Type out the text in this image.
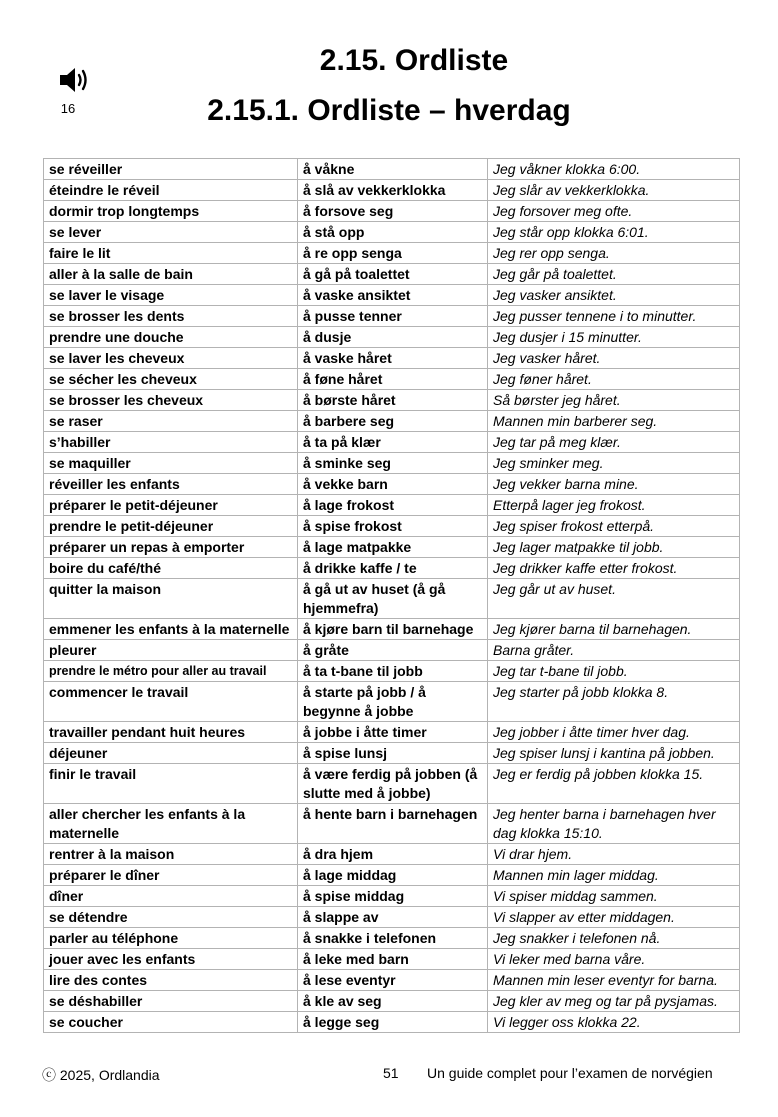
16
2.15. Ordliste
2.15.1. Ordliste – hverdag
se réveiller	å våkne	Jeg våkner klokka 6:00.
éteindre le réveil	å slå av vekkerklokka	Jeg slår av vekkerklokka.
dormir trop longtemps	å forsove seg	Jeg forsover meg ofte.
se lever	å stå opp	Jeg står opp klokka 6:01.
faire le lit	å re opp senga	Jeg rer opp senga.
aller à la salle de bain	å gå på toalettet	Jeg går på toalettet.
se laver le visage	å vaske ansiktet	Jeg vasker ansiktet.
se brosser les dents	å pusse tenner	Jeg pusser tennene i to minutter.
prendre une douche	å dusje	Jeg dusjer i 15 minutter.
se laver les cheveux	å vaske håret	Jeg vasker håret.
se sécher les cheveux	å føne håret	Jeg føner håret.
se brosser les cheveux	å børste håret	Så børster jeg håret.
se raser	å barbere seg	Mannen min barberer seg.
s’habiller	å ta på klær	Jeg tar på meg klær.
se maquiller	å sminke seg	Jeg sminker meg.
réveiller les enfants	å vekke barn	Jeg vekker barna mine.
préparer le petit-déjeuner	å lage frokost	Etterpå lager jeg frokost.
prendre le petit-déjeuner	å spise frokost	Jeg spiser frokost etterpå.
préparer un repas à emporter	å lage matpakke	Jeg lager matpakke til jobb.
boire du café/thé	å drikke kaffe / te	Jeg drikker kaffe etter frokost.
quitter la maison	å gå ut av huset (å gå hjemmefra)	Jeg går ut av huset.
emmener les enfants à la maternelle	å kjøre barn til barnehage	Jeg kjører barna til barnehagen.
pleurer	å gråte	Barna gråter.
prendre le métro pour aller au travail	å ta t-bane til jobb	Jeg tar t-bane til jobb.
commencer le travail	å starte på jobb / å begynne å jobbe	Jeg starter på jobb klokka 8.
travailler pendant huit heures	å jobbe i åtte timer	Jeg jobber i åtte timer hver dag.
déjeuner	å spise lunsj	Jeg spiser lunsj i kantina på jobben.
finir le travail	å være ferdig på jobben (å slutte med å jobbe)	Jeg er ferdig på jobben klokka 15.
aller chercher les enfants à la maternelle	å hente barn i barnehagen	Jeg henter barna i barnehagen hver dag klokka 15:10.
rentrer à la maison	å dra hjem	Vi drar hjem.
préparer le dîner	å lage middag	Mannen min lager middag.
dîner	å spise middag	Vi spiser middag sammen.
se détendre	å slappe av	Vi slapper av etter middagen.
parler au téléphone	å snakke i telefonen	Jeg snakker i telefonen nå.
jouer avec les enfants	å leke med barn	Vi leker med barna våre.
lire des contes	å lese eventyr	Mannen min leser eventyr for barna.
se déshabiller	å kle av seg	Jeg kler av meg og tar på pysjamas.
se coucher	å legge seg	Vi legger oss klokka 22.
ⓒ 2025, Ordlandia	51 Un guide complet pour l’examen de norvégien
